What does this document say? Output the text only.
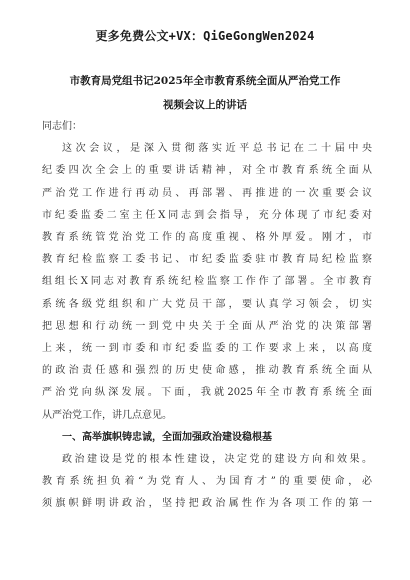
更多免费公文+VX：QiGeGongWen2024
市教育局党组书记2025年全市教育系统全面从严治党工作
视频会议上的讲话
同志们：
这次会议，是深入贯彻落实近平总书记在二十届中央
纪委四次全会上的重要讲话精神，对全市教育系统全面从
严治党工作进行再动员、再部署、再推进的一次重要会议
市纪委监委二室主任X同志到会指导，充分体现了市纪委对
教育系统管党治党工作的高度重视、格外厚爱。刚才，市
教育纪检监察工委书记、市纪委监委驻市教育局纪检监察
组组长X同志对教育系统纪检监察工作作了部署。全市教育
系统各级党组织和广大党员干部，要认真学习领会，切实
把思想和行动统一到党中央关于全面从严治党的决策部署
上来，统一到市委和市纪委监委的工作要求上来，以高度
的政治责任感和强烈的历史使命感，推动教育系统全面从
严治党向纵深发展。下面，我就2025年全市教育系统全面
从严治党工作，讲几点意见。
一、高举旗帜铸忠诚，全面加强政治建设稳根基
政治建设是党的根本性建设，决定党的建设方向和效果。
教育系统担负着“为党育人、为国育才”的重要使命，必
须旗帜鲜明讲政治，坚持把政治属性作为各项工作的第一
